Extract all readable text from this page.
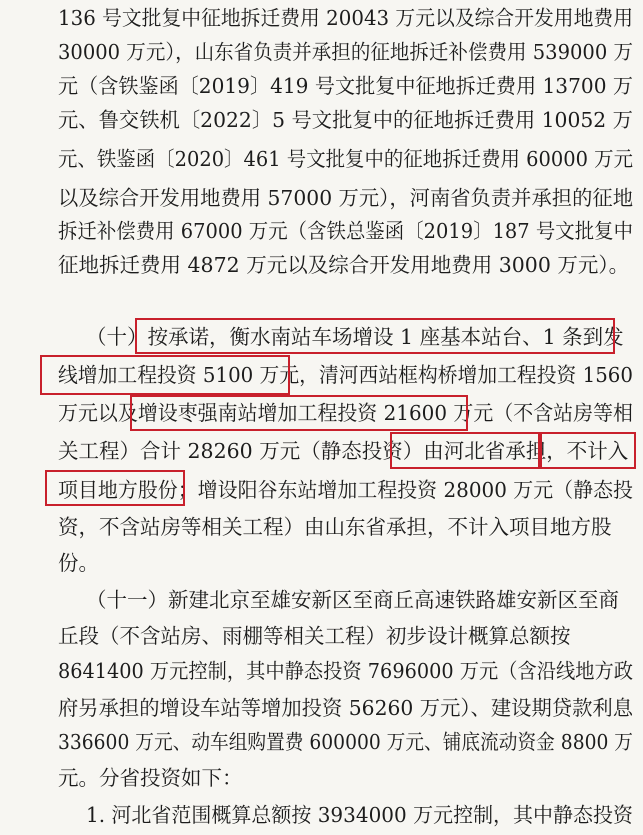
136 号文批复中征地拆迁费用 20043 万元以及综合开发用地费用
30000 万元），山东省负责并承担的征地拆迁补偿费用 539000 万
元（含铁鉴函〔2019〕419 号文批复中征地拆迁费用 13700 万
元、鲁交铁机〔2022〕5 号文批复中的征地拆迁费用 10052 万
元、铁鉴函〔2020〕461 号文批复中的征地拆迁费用 60000 万元
以及综合开发用地费用 57000 万元），河南省负责并承担的征地
拆迁补偿费用 67000 万元（含铁总鉴函〔2019〕187 号文批复中
征地拆迁费用 4872 万元以及综合开发用地费用 3000 万元）。
（十）按承诺，衡水南站车场增设 1 座基本站台、1 条到发
线增加工程投资 5100 万元，清河西站框构桥增加工程投资 1560
万元以及增设枣强南站增加工程投资 21600 万元（不含站房等相
关工程）合计 28260 万元（静态投资）由河北省承担，不计入
项目地方股份；增设阳谷东站增加工程投资 28000 万元（静态投
资，不含站房等相关工程）由山东省承担，不计入项目地方股
份。
（十一）新建北京至雄安新区至商丘高速铁路雄安新区至商
丘段（不含站房、雨棚等相关工程）初步设计概算总额按
8641400 万元控制，其中静态投资 7696000 万元（含沿线地方政
府另承担的增设车站等增加投资 56260 万元）、建设期贷款利息
336600 万元、动车组购置费 600000 万元、铺底流动资金 8800 万
元。分省投资如下：
1. 河北省范围概算总额按 3934000 万元控制，其中静态投资
